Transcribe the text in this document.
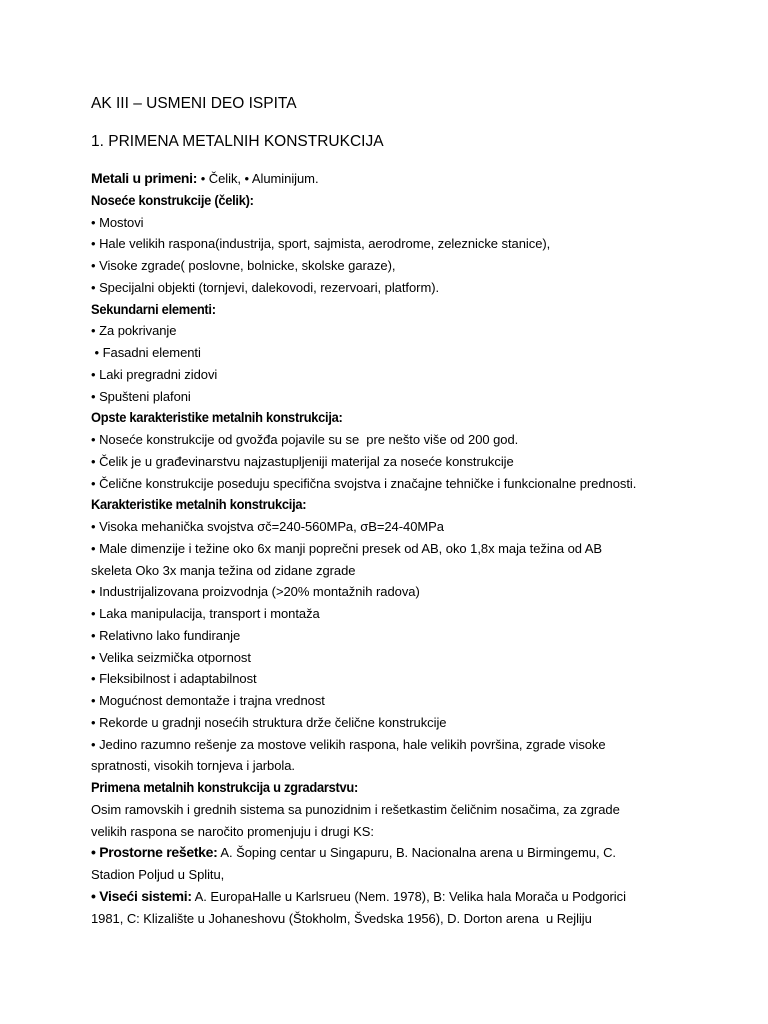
AK III – USMENI DEO ISPITA
1. PRIMENA METALNIH KONSTRUKCIJA
Metali u primeni: • Čelik, • Aluminijum.
Noseće konstrukcije (čelik):
• Mostovi
• Hale velikih raspona(industrija, sport, sajmista, aerodrome, zeleznicke stanice),
• Visoke zgrade( poslovne, bolnicke, skolske garaze),
• Specijalni objekti (tornjevi, dalekovodi, rezervoari, platform).
Sekundarni elementi:
• Za pokrivanje
• Fasadni elementi
• Laki pregradni zidovi
• Spušteni plafoni
Opste karakteristike metalnih konstrukcija:
• Noseće konstrukcije od gvožđa pojavile su se  pre nešto više od 200 god.
• Čelik je u građevinarstvu najzastupljeniji materijal za noseće konstrukcije
• Čelične konstrukcije poseduju specifična svojstva i značajne tehničke i funkcionalne prednosti.
Karakteristike metalnih konstrukcija:
• Visoka mehanička svojstva σč=240-560MPa, σB=24-40MPa
• Male dimenzije i težine oko 6x manji poprečni presek od AB, oko 1,8x maja težina od AB
skeleta Oko 3x manja težina od zidane zgrade
• Industrijalizovana proizvodnja (>20% montažnih radova)
• Laka manipulacija, transport i montaža
• Relativno lako fundiranje
• Velika seizmička otpornost
• Fleksibilnost i adaptabilnost
• Mogućnost demontaže i trajna vrednost
• Rekorde u gradnji nosećih struktura drže čelične konstrukcije
• Jedino razumno rešenje za mostove velikih raspona, hale velikih površina, zgrade visoke
spratnosti, visokih tornjeva i jarbola.
Primena metalnih konstrukcija u zgradarstvu:
Osim ramovskih i grednih sistema sa punozidnim i rešetkastim čeličnim nosačima, za zgrade
velikih raspona se naročito promenjuju i drugi KS:
• Prostorne rešetke: A. Šoping centar u Singapuru, B. Nacionalna arena u Birmingemu, C.
Stadion Poljud u Splitu,
• Viseći sistemi: A. EuropaHalle u Karlsrueu (Nem. 1978), B: Velika hala Morača u Podgorici
1981, C: Klizalište u Johaneshovu (Štokholm, Švedska 1956), D. Dorton arena  u Rejliju
